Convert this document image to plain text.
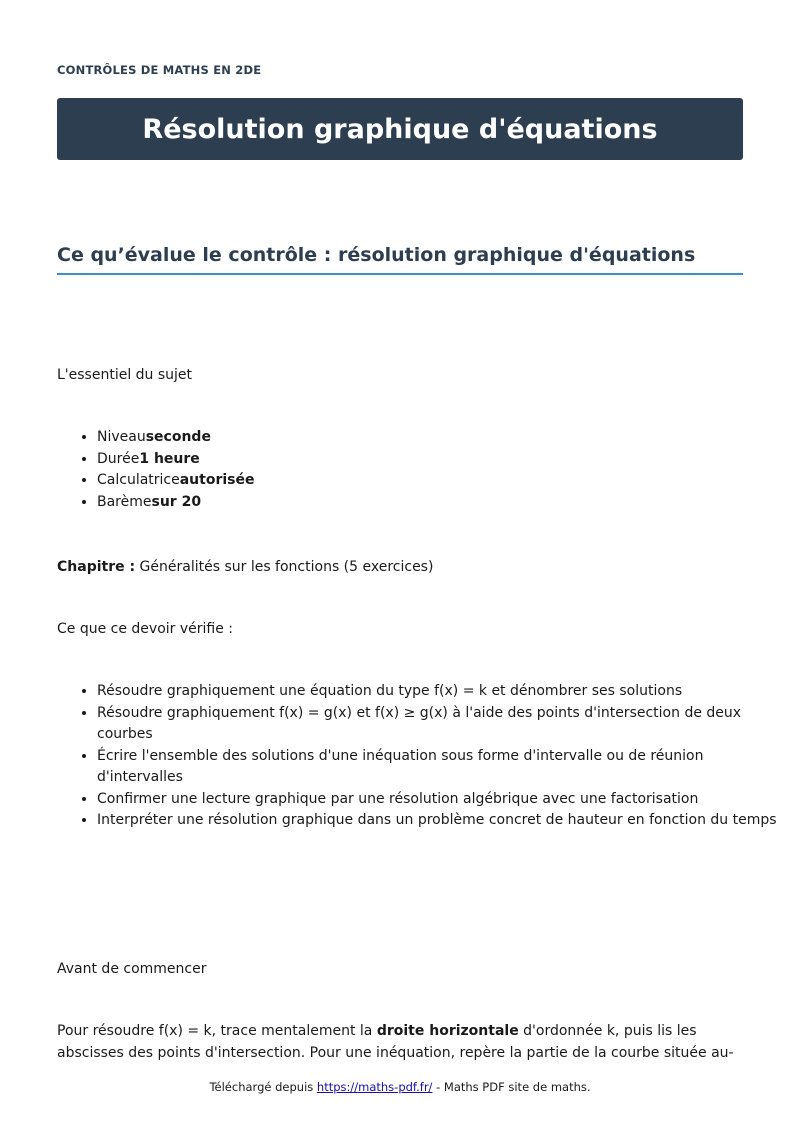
CONTRÔLES DE MATHS EN 2DE
Résolution graphique d'équations
Ce qu’évalue le contrôle : résolution graphique d'équations

L'essentiel du sujet

• Niveauseconde
• Durée1 heure
• Calculatriceautorisée
• Barèmesur 20

Chapitre : Généralités sur les fonctions (5 exercices)

Ce que ce devoir vérifie :

• Résoudre graphiquement une équation du type f(x) = k et dénombrer ses solutions
• Résoudre graphiquement f(x) = g(x) et f(x) ≥ g(x) à l'aide des points d'intersection de deux courbes
• Écrire l'ensemble des solutions d'une inéquation sous forme d'intervalle ou de réunion d'intervalles
• Confirmer une lecture graphique par une résolution algébrique avec une factorisation
• Interpréter une résolution graphique dans un problème concret de hauteur en fonction du temps

Avant de commencer

Pour résoudre f(x) = k, trace mentalement la droite horizontale d'ordonnée k, puis lis les abscisses des points d'intersection. Pour une inéquation, repère la partie de la courbe située au-

Téléchargé depuis https://maths-pdf.fr/ - Maths PDF site de maths.
